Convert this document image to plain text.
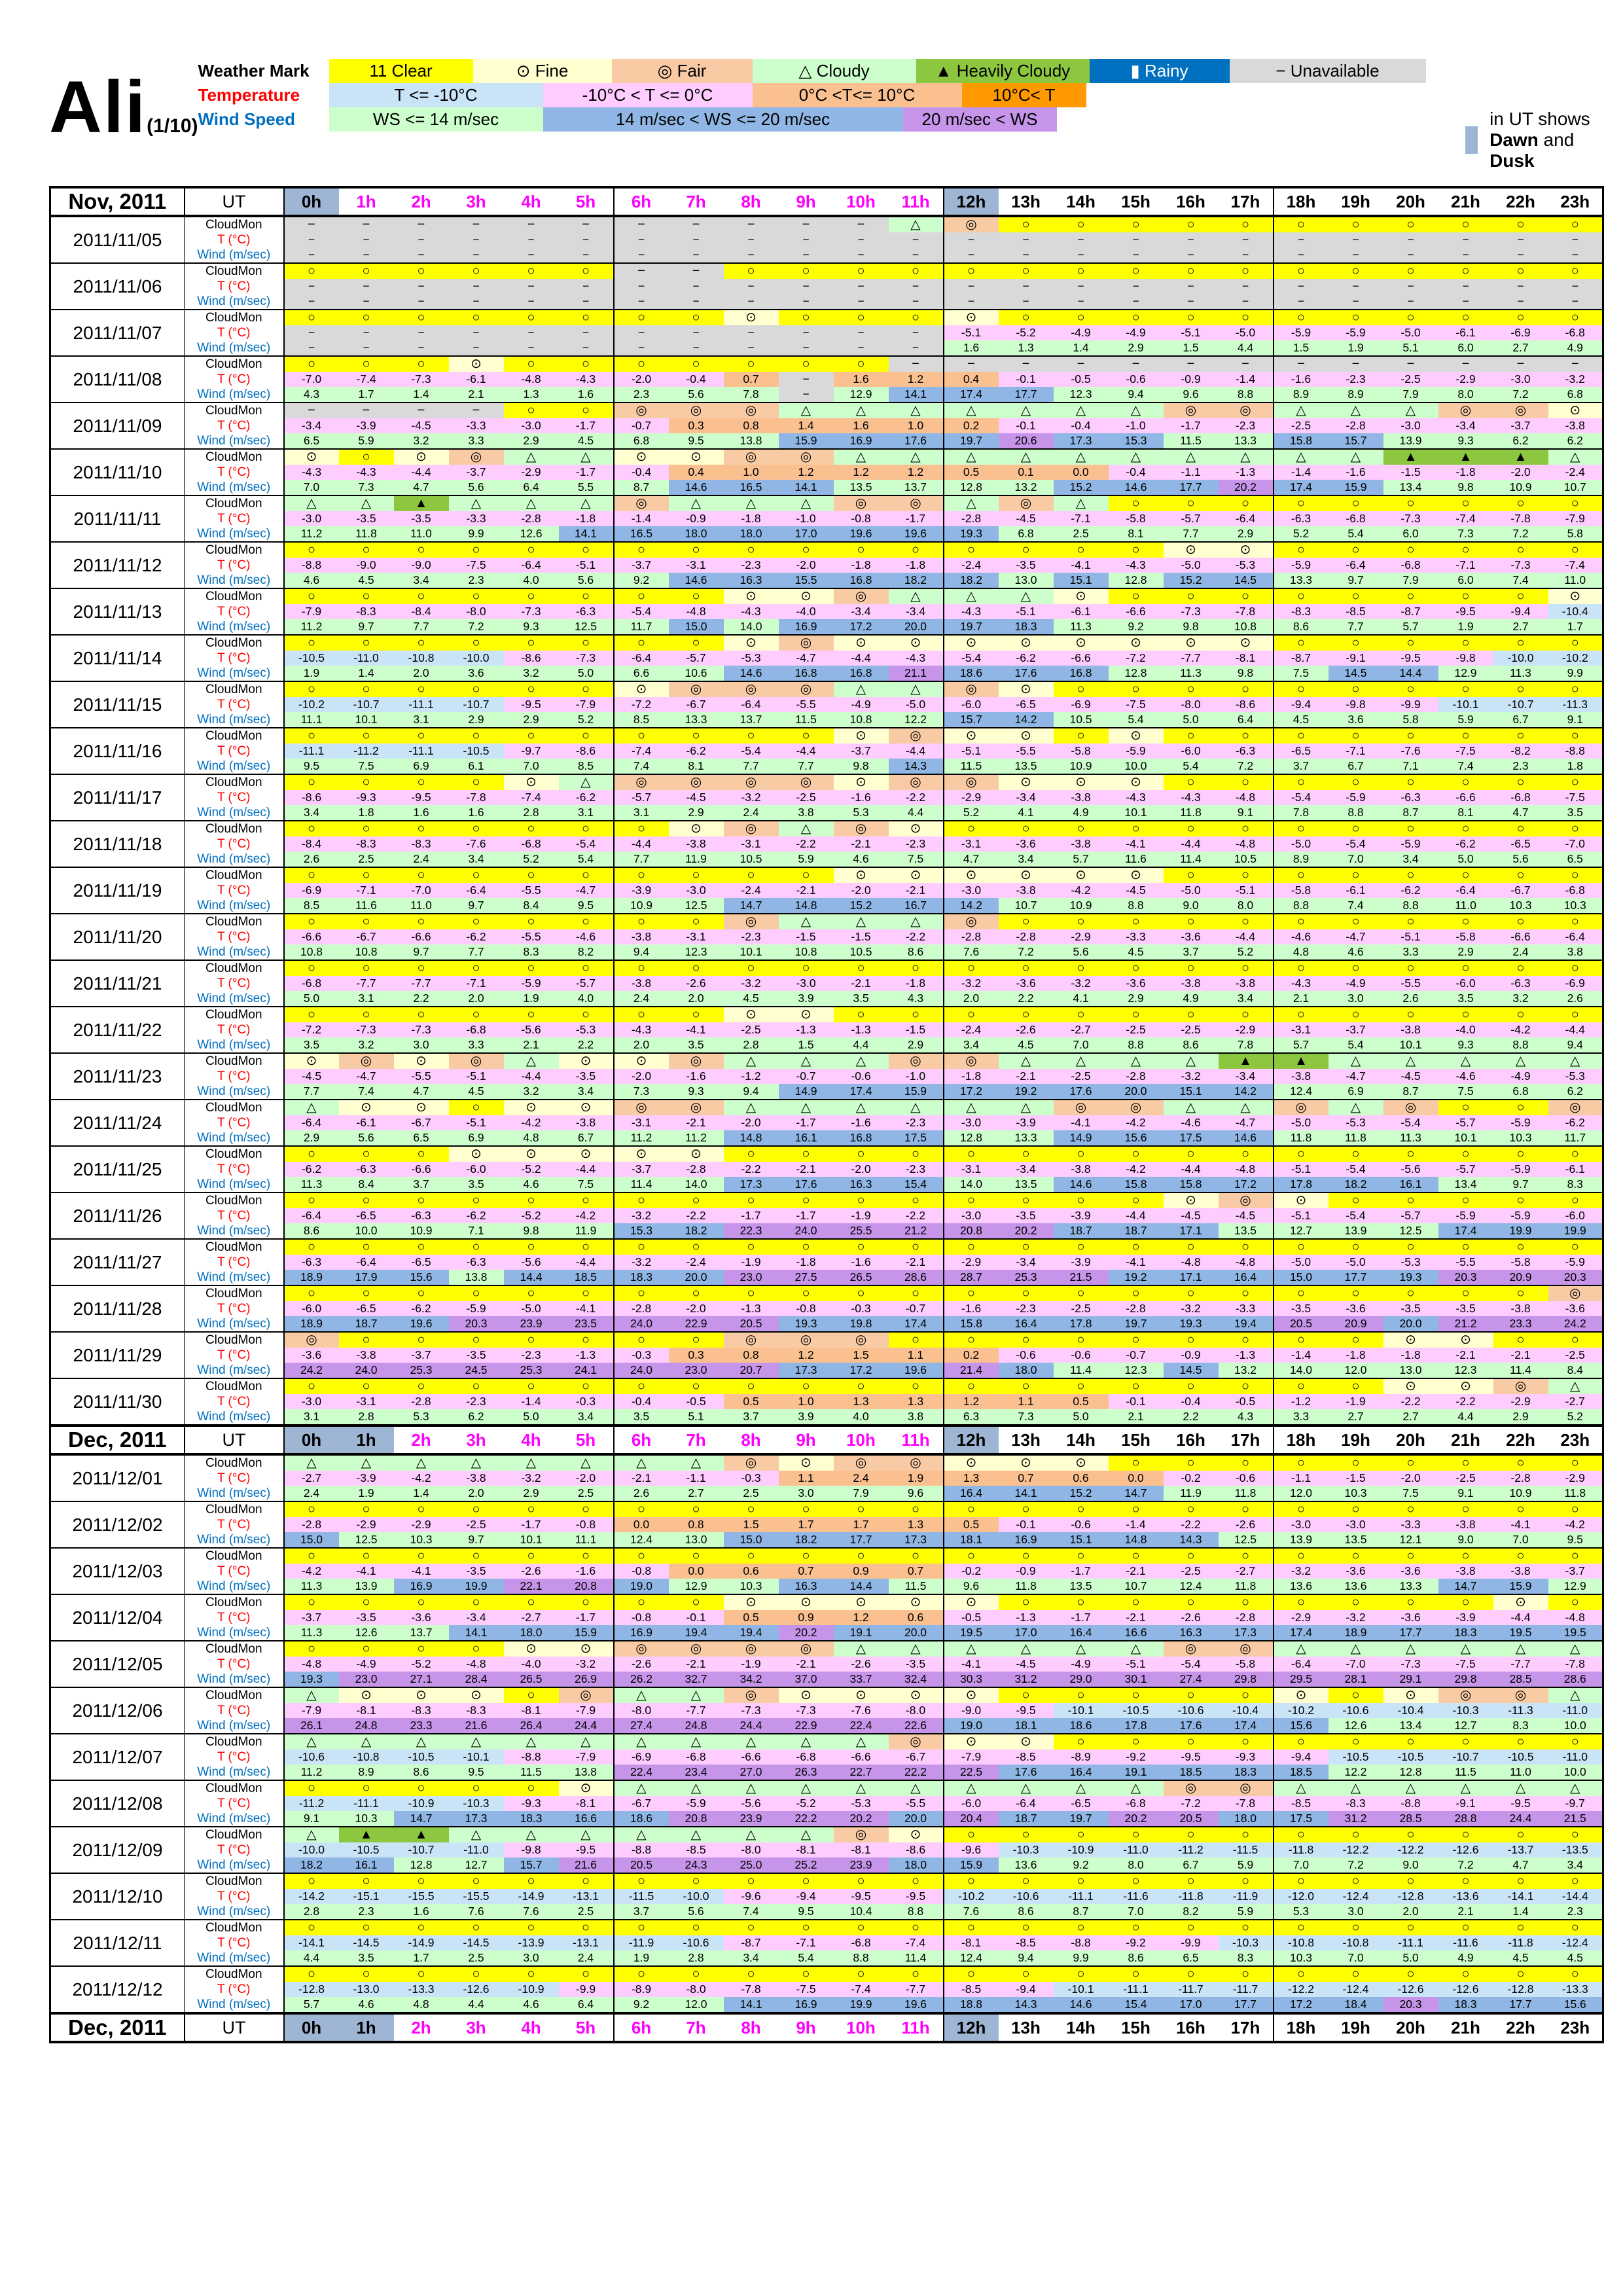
Ali(1/10)
Weather Mark	11 Clear	⊙ Fine	◎ Fair	△ Cloudy	▲ Heavily Cloudy	▮ Rainy	− Unavailable
Temperature	T <= -10°C	-10°C < T <= 0°C	0°C <T<= 10°C	10°C< T
Wind Speed	WS <= 14 m/sec	14 m/sec < WS <= 20 m/sec	20 m/sec < WS	in UT shows Dawn and Dusk
Nov, 2011	UT	0h	1h	2h	3h	4h	5h	6h	7h	8h	9h	10h	11h	12h	13h	14h	15h	16h	17h	18h	19h	20h	21h	22h	23h
2011/11/05	CloudMon	−	−	−	−	−	−	−	−	−	−	−	△	◎	○	○	○	○	○	○	○	○	○	○	○
	T (°C)	−	−	−	−	−	−	−	−	−	−	−	−	−	−	−	−	−	−	−	−	−	−	−	−
	Wind (m/sec)	−	−	−	−	−	−	−	−	−	−	−	−	−	−	−	−	−	−	−	−	−	−	−	−
2011/11/06	CloudMon	○	○	○	○	○	○	−	−	○	○	○	○	○	○	○	○	○	○	○	○	○	○	○	○
	T (°C)	−	−	−	−	−	−	−	−	−	−	−	−	−	−	−	−	−	−	−	−	−	−	−	−
	Wind (m/sec)	−	−	−	−	−	−	−	−	−	−	−	−	−	−	−	−	−	−	−	−	−	−	−	−
2011/11/07	CloudMon	○	○	○	○	○	○	○	○	⊙	○	○	○	⊙	○	○	○	○	○	○	○	○	○	○	○
	T (°C)	−	−	−	−	−	−	−	−	−	−	−	−	-5.1	-5.2	-4.9	-4.9	-5.1	-5.0	-5.9	-5.9	-5.0	-6.1	-6.9	-6.8
	Wind (m/sec)	−	−	−	−	−	−	−	−	−	−	−	−	1.6	1.3	1.4	2.9	1.5	4.4	1.5	1.9	5.1	6.0	2.7	4.9
2011/11/08	CloudMon	○	○	○	⊙	○	○	○	○	○	○	○	−	−	−	−	−	−	−	−	−	−	−	−	−
	T (°C)	-7.0	-7.4	-7.3	-6.1	-4.8	-4.3	-2.0	-0.4	0.7	−	1.6	1.2	0.4	-0.1	-0.5	-0.6	-0.9	-1.4	-1.6	-2.3	-2.5	-2.9	-3.0	-3.2
	Wind (m/sec)	4.3	1.7	1.4	2.1	1.3	1.6	2.3	5.6	7.8	−	12.9	14.1	17.4	17.7	12.3	9.4	9.6	8.8	8.9	8.9	7.9	8.0	7.2	6.8
2011/11/09	CloudMon	−	−	−	−	○	○	◎	◎	◎	△	△	△	△	△	△	△	◎	◎	△	△	△	◎	◎	⊙
	T (°C)	-3.4	-3.9	-4.5	-3.3	-3.0	-1.7	-0.7	0.3	0.8	1.4	1.6	1.0	0.2	-0.1	-0.4	-1.0	-1.7	-2.3	-2.5	-2.8	-3.0	-3.4	-3.7	-3.8
	Wind (m/sec)	6.5	5.9	3.2	3.3	2.9	4.5	6.8	9.5	13.8	15.9	16.9	17.6	19.7	20.6	17.3	15.3	11.5	13.3	15.8	15.7	13.9	9.3	6.2	6.2
2011/11/10	CloudMon	⊙	○	⊙	◎	△	△	⊙	⊙	◎	◎	△	△	△	△	△	△	△	△	△	△	▲	▲	▲	△
	T (°C)	-4.3	-4.3	-4.4	-3.7	-2.9	-1.7	-0.4	0.4	1.0	1.2	1.2	1.2	0.5	0.1	0.0	-0.4	-1.1	-1.3	-1.4	-1.6	-1.5	-1.8	-2.0	-2.4
	Wind (m/sec)	7.0	7.3	4.7	5.6	6.4	5.5	8.7	14.6	16.5	14.1	13.5	13.7	12.8	13.2	15.2	14.6	17.7	20.2	17.4	15.9	13.4	9.8	10.9	10.7
2011/11/11	CloudMon	△	△	▲	△	△	△	◎	△	△	△	◎	◎	△	◎	△	○	○	○	○	○	○	○	○	○
	T (°C)	-3.0	-3.5	-3.5	-3.3	-2.8	-1.8	-1.4	-0.9	-1.8	-1.0	-0.8	-1.7	-2.8	-4.5	-7.1	-5.8	-5.7	-6.4	-6.3	-6.8	-7.3	-7.4	-7.8	-7.9
	Wind (m/sec)	11.2	11.8	11.0	9.9	12.6	14.1	16.5	18.0	18.0	17.0	19.6	19.6	19.3	6.8	2.5	8.1	7.7	2.9	5.2	5.4	6.0	7.3	7.2	5.8
2011/11/12	CloudMon	○	○	○	○	○	○	○	○	○	○	○	○	○	○	○	○	⊙	⊙	○	○	○	○	○	○
	T (°C)	-8.8	-9.0	-9.0	-7.5	-6.4	-5.1	-3.7	-3.1	-2.3	-2.0	-1.8	-1.8	-2.4	-3.5	-4.1	-4.3	-5.0	-5.3	-5.9	-6.4	-6.8	-7.1	-7.3	-7.4
	Wind (m/sec)	4.6	4.5	3.4	2.3	4.0	5.6	9.2	14.6	16.3	15.5	16.8	18.2	18.2	13.0	15.1	12.8	15.2	14.5	13.3	9.7	7.9	6.0	7.4	11.0
2011/11/13	CloudMon	○	○	○	○	○	○	○	○	⊙	⊙	◎	△	△	△	⊙	○	○	○	○	○	○	○	○	⊙
	T (°C)	-7.9	-8.3	-8.4	-8.0	-7.3	-6.3	-5.4	-4.8	-4.3	-4.0	-3.4	-3.4	-4.3	-5.1	-6.1	-6.6	-7.3	-7.8	-8.3	-8.5	-8.7	-9.5	-9.4	-10.4
	Wind (m/sec)	11.2	9.7	7.7	7.2	9.3	12.5	11.7	15.0	14.0	16.9	17.2	20.0	19.7	18.3	11.3	9.2	9.8	10.8	8.6	7.7	5.7	1.9	2.7	1.7
2011/11/14	CloudMon	○	○	○	○	○	○	○	○	⊙	◎	⊙	⊙	⊙	⊙	⊙	⊙	⊙	⊙	○	○	○	○	○	○
	T (°C)	-10.5	-11.0	-10.8	-10.0	-8.6	-7.3	-6.4	-5.7	-5.3	-4.7	-4.4	-4.3	-5.4	-6.2	-6.6	-7.2	-7.7	-8.1	-8.7	-9.1	-9.5	-9.8	-10.0	-10.2
	Wind (m/sec)	1.9	1.4	2.0	3.6	3.2	5.0	6.6	10.6	14.6	16.8	16.8	21.1	18.6	17.6	16.8	12.8	11.3	9.8	7.5	14.5	14.4	12.9	11.3	9.9
2011/11/15	CloudMon	○	○	○	○	○	○	⊙	◎	◎	◎	△	△	◎	⊙	○	○	○	○	○	○	○	○	○	○
	T (°C)	-10.2	-10.7	-11.1	-10.7	-9.5	-7.9	-7.2	-6.7	-6.4	-5.5	-4.9	-5.0	-6.0	-6.5	-6.9	-7.5	-8.0	-8.6	-9.4	-9.8	-9.9	-10.1	-10.7	-11.3
	Wind (m/sec)	11.1	10.1	3.1	2.9	2.9	5.2	8.5	13.3	13.7	11.5	10.8	12.2	15.7	14.2	10.5	5.4	5.0	6.4	4.5	3.6	5.8	5.9	6.7	9.1
2011/11/16	CloudMon	○	○	○	○	○	○	○	○	○	○	⊙	◎	⊙	⊙	○	⊙	○	○	○	○	○	○	○	○
	T (°C)	-11.1	-11.2	-11.1	-10.5	-9.7	-8.6	-7.4	-6.2	-5.4	-4.4	-3.7	-4.4	-5.1	-5.5	-5.8	-5.9	-6.0	-6.3	-6.5	-7.1	-7.6	-7.5	-8.2	-8.8
	Wind (m/sec)	9.5	7.5	6.9	6.1	7.0	8.5	7.4	8.1	7.7	7.7	9.8	14.3	11.5	13.5	10.9	10.0	5.4	7.2	3.7	6.7	7.1	7.4	2.3	1.8
2011/11/17	CloudMon	○	○	○	○	⊙	△	◎	◎	◎	◎	⊙	◎	◎	⊙	⊙	⊙	○	○	○	○	○	○	○	○
	T (°C)	-8.6	-9.3	-9.5	-7.8	-7.4	-6.2	-5.7	-4.5	-3.2	-2.5	-1.6	-2.2	-2.9	-3.4	-3.8	-4.3	-4.3	-4.8	-5.4	-5.9	-6.3	-6.6	-6.8	-7.5
	Wind (m/sec)	3.4	1.8	1.6	1.6	2.8	3.1	3.1	2.9	2.4	3.8	5.3	4.4	5.2	4.1	4.9	10.1	11.8	9.1	7.8	8.8	8.7	8.1	4.7	3.5
2011/11/18	CloudMon	○	○	○	○	○	○	○	⊙	◎	△	◎	⊙	○	○	○	○	○	○	○	○	○	○	○	○
	T (°C)	-8.4	-8.3	-8.3	-7.6	-6.8	-5.4	-4.4	-3.8	-3.1	-2.2	-2.1	-2.3	-3.1	-3.6	-3.8	-4.1	-4.4	-4.8	-5.0	-5.4	-5.9	-6.2	-6.5	-7.0
	Wind (m/sec)	2.6	2.5	2.4	3.4	5.2	5.4	7.7	11.9	10.5	5.9	4.6	7.5	4.7	3.4	5.7	11.6	11.4	10.5	8.9	7.0	3.4	5.0	5.6	6.5
2011/11/19	CloudMon	○	○	○	○	○	○	○	○	○	○	⊙	⊙	⊙	⊙	⊙	⊙	○	○	○	○	○	○	○	○
	T (°C)	-6.9	-7.1	-7.0	-6.4	-5.5	-4.7	-3.9	-3.0	-2.4	-2.1	-2.0	-2.1	-3.0	-3.8	-4.2	-4.5	-5.0	-5.1	-5.8	-6.1	-6.2	-6.4	-6.7	-6.8
	Wind (m/sec)	8.5	11.6	11.0	9.7	8.4	9.5	10.9	12.5	14.7	14.8	15.2	16.7	14.2	10.7	10.9	8.8	9.0	8.0	8.8	7.4	8.8	11.0	10.3	10.3
2011/11/20	CloudMon	○	○	○	○	○	○	○	○	◎	△	△	△	◎	○	○	○	○	○	○	○	○	○	○	○
	T (°C)	-6.6	-6.7	-6.6	-6.2	-5.5	-4.6	-3.8	-3.1	-2.3	-1.5	-1.5	-2.2	-2.8	-2.8	-2.9	-3.3	-3.6	-4.4	-4.6	-4.7	-5.1	-5.8	-6.6	-6.4
	Wind (m/sec)	10.8	10.8	9.7	7.7	8.3	8.2	9.4	12.3	10.1	10.8	10.5	8.6	7.6	7.2	5.6	4.5	3.7	5.2	4.8	4.6	3.3	2.9	2.4	3.8
2011/11/21	CloudMon	○	○	○	○	○	○	○	○	○	○	○	○	○	○	○	○	○	○	○	○	○	○	○	○
	T (°C)	-6.8	-7.7	-7.7	-7.1	-5.9	-5.7	-3.8	-2.6	-3.2	-3.0	-2.1	-1.8	-3.2	-3.6	-3.2	-3.6	-3.8	-3.8	-4.3	-4.9	-5.5	-6.0	-6.3	-6.9
	Wind (m/sec)	5.0	3.1	2.2	2.0	1.9	4.0	2.4	2.0	4.5	3.9	3.5	4.3	2.0	2.2	4.1	2.9	4.9	3.4	2.1	3.0	2.6	3.5	3.2	2.6
2011/11/22	CloudMon	○	○	○	○	○	○	○	○	⊙	⊙	○	○	○	○	○	○	○	○	○	○	○	○	○	○
	T (°C)	-7.2	-7.3	-7.3	-6.8	-5.6	-5.3	-4.3	-4.1	-2.5	-1.3	-1.3	-1.5	-2.4	-2.6	-2.7	-2.5	-2.5	-2.9	-3.1	-3.7	-3.8	-4.0	-4.2	-4.4
	Wind (m/sec)	3.5	3.2	3.0	3.3	2.1	2.2	2.0	3.5	2.8	1.5	4.4	2.9	3.4	4.5	7.0	8.8	8.6	7.8	5.7	5.4	10.1	9.3	8.8	9.4
2011/11/23	CloudMon	⊙	◎	⊙	◎	△	⊙	⊙	◎	△	△	△	◎	◎	△	△	△	△	▲	▲	△	△	△	△	△
	T (°C)	-4.5	-4.7	-5.5	-5.1	-4.4	-3.5	-2.0	-1.6	-1.2	-0.7	-0.6	-1.0	-1.8	-2.1	-2.5	-2.8	-3.2	-3.4	-3.8	-4.7	-4.5	-4.6	-4.9	-5.3
	Wind (m/sec)	7.7	7.4	4.7	4.5	3.2	3.4	7.3	9.3	9.4	14.9	17.4	15.9	17.2	19.2	17.6	20.0	15.1	14.2	12.4	6.9	8.7	7.5	6.8	6.2
2011/11/24	CloudMon	△	⊙	⊙	○	⊙	⊙	◎	◎	△	△	△	△	△	△	◎	◎	△	△	◎	△	◎	○	○	◎
	T (°C)	-6.4	-6.1	-6.7	-5.1	-4.2	-3.8	-3.1	-2.1	-2.0	-1.7	-1.6	-2.3	-3.0	-3.9	-4.1	-4.2	-4.6	-4.7	-5.0	-5.3	-5.4	-5.7	-5.9	-6.2
	Wind (m/sec)	2.9	5.6	6.5	6.9	4.8	6.7	11.2	11.2	14.8	16.1	16.8	17.5	12.8	13.3	14.9	15.6	17.5	14.6	11.8	11.8	11.3	10.1	10.3	11.7
2011/11/25	CloudMon	○	○	○	⊙	⊙	⊙	⊙	⊙	○	○	○	○	○	○	○	○	○	○	○	○	○	○	○	○
	T (°C)	-6.2	-6.3	-6.6	-6.0	-5.2	-4.4	-3.7	-2.8	-2.2	-2.1	-2.0	-2.3	-3.1	-3.4	-3.8	-4.2	-4.4	-4.8	-5.1	-5.4	-5.6	-5.7	-5.9	-6.1
	Wind (m/sec)	11.3	8.4	3.7	3.5	4.6	7.5	11.4	14.0	17.3	17.6	16.3	15.4	14.0	13.5	14.6	15.8	15.8	17.2	17.8	18.2	16.1	13.4	9.7	8.3
2011/11/26	CloudMon	○	○	○	○	○	○	○	○	○	○	○	○	○	○	○	○	⊙	◎	⊙	○	○	○	○	○
	T (°C)	-6.4	-6.5	-6.3	-6.2	-5.2	-4.2	-3.2	-2.2	-1.7	-1.7	-1.9	-2.2	-3.0	-3.5	-3.9	-4.4	-4.5	-4.5	-5.1	-5.4	-5.7	-5.9	-5.9	-6.0
	Wind (m/sec)	8.6	10.0	10.9	7.1	9.8	11.9	15.3	18.2	22.3	24.0	25.5	21.2	20.8	20.2	18.7	18.7	17.1	13.5	12.7	13.9	12.5	17.4	19.9	19.9
2011/11/27	CloudMon	○	○	○	○	○	○	○	○	○	○	○	○	○	○	○	○	○	○	○	○	○	○	○	○
	T (°C)	-6.3	-6.4	-6.5	-6.3	-5.6	-4.4	-3.2	-2.4	-1.9	-1.8	-1.6	-2.1	-2.9	-3.4	-3.9	-4.1	-4.8	-4.8	-5.0	-5.0	-5.3	-5.5	-5.8	-5.9
	Wind (m/sec)	18.9	17.9	15.6	13.8	14.4	18.5	18.3	20.0	23.0	27.5	26.5	28.6	28.7	25.3	21.5	19.2	17.1	16.4	15.0	17.7	19.3	20.3	20.9	20.3
2011/11/28	CloudMon	○	○	○	○	○	○	○	○	○	○	○	○	○	○	○	○	○	○	○	○	○	○	○	◎
	T (°C)	-6.0	-6.5	-6.2	-5.9	-5.0	-4.1	-2.8	-2.0	-1.3	-0.8	-0.3	-0.7	-1.6	-2.3	-2.5	-2.8	-3.2	-3.3	-3.5	-3.6	-3.5	-3.5	-3.8	-3.6
	Wind (m/sec)	18.9	18.7	19.6	20.3	23.9	23.5	24.0	22.9	20.5	19.3	19.8	17.4	15.8	16.4	17.8	19.7	19.3	19.4	20.5	20.9	20.0	21.2	23.3	24.2
2011/11/29	CloudMon	◎	○	○	○	○	○	○	○	◎	◎	◎	○	○	○	○	○	○	○	○	○	⊙	⊙	○	○
	T (°C)	-3.6	-3.8	-3.7	-3.5	-2.3	-1.3	-0.3	0.3	0.8	1.2	1.5	1.1	0.2	-0.6	-0.6	-0.7	-0.9	-1.3	-1.4	-1.8	-1.8	-2.1	-2.1	-2.5
	Wind (m/sec)	24.2	24.0	25.3	24.5	25.3	24.1	24.0	23.0	20.7	17.3	17.2	19.6	21.4	18.0	11.4	12.3	14.5	13.2	14.0	12.0	13.0	12.3	11.4	8.4
2011/11/30	CloudMon	○	○	○	○	○	○	○	○	○	○	○	○	○	○	○	○	○	○	○	○	⊙	⊙	◎	△
	T (°C)	-3.0	-3.1	-2.8	-2.3	-1.4	-0.3	-0.4	-0.5	0.5	1.0	1.3	1.3	1.2	1.1	0.5	-0.1	-0.4	-0.5	-1.2	-1.9	-2.2	-2.2	-2.9	-2.7
	Wind (m/sec)	3.1	2.8	5.3	6.2	5.0	3.4	3.5	5.1	3.7	3.9	4.0	3.8	6.3	7.3	5.0	2.1	2.2	4.3	3.3	2.7	2.7	4.4	2.9	5.2
Dec, 2011	UT	0h	1h	2h	3h	4h	5h	6h	7h	8h	9h	10h	11h	12h	13h	14h	15h	16h	17h	18h	19h	20h	21h	22h	23h
2011/12/01	CloudMon	△	△	△	△	△	△	△	△	◎	⊙	◎	◎	⊙	⊙	⊙	○	○	○	○	○	○	○	○	○
	T (°C)	-2.7	-3.9	-4.2	-3.8	-3.2	-2.0	-2.1	-1.1	-0.3	1.1	2.4	1.9	1.3	0.7	0.6	0.0	-0.2	-0.6	-1.1	-1.5	-2.0	-2.5	-2.8	-2.9
	Wind (m/sec)	2.4	1.9	1.4	2.0	2.9	2.5	2.6	2.7	2.5	3.0	7.9	9.6	16.4	14.1	15.2	14.7	11.9	11.8	12.0	10.3	7.5	9.1	10.9	11.8
2011/12/02	CloudMon	○	○	○	○	○	○	○	○	○	○	○	○	○	○	○	○	○	○	○	○	○	○	○	○
	T (°C)	-2.8	-2.9	-2.9	-2.5	-1.7	-0.8	0.0	0.8	1.5	1.7	1.7	1.3	0.5	-0.1	-0.6	-1.4	-2.2	-2.6	-3.0	-3.0	-3.3	-3.8	-4.1	-4.2
	Wind (m/sec)	15.0	12.5	10.3	9.7	10.1	11.1	12.4	13.0	15.0	18.2	17.7	17.3	18.1	16.9	15.1	14.8	14.3	12.5	13.9	13.5	12.1	9.0	7.0	9.5
2011/12/03	CloudMon	○	○	○	○	○	○	○	○	○	○	○	○	○	○	○	○	○	○	○	○	○	○	○	○
	T (°C)	-4.2	-4.1	-4.1	-3.5	-2.6	-1.6	-0.8	0.0	0.6	0.7	0.9	0.7	-0.2	-0.9	-1.7	-2.1	-2.5	-2.7	-3.2	-3.6	-3.6	-3.8	-3.8	-3.7
	Wind (m/sec)	11.3	13.9	16.9	19.9	22.1	20.8	19.0	12.9	10.3	16.3	14.4	11.5	9.6	11.8	13.5	10.7	12.4	11.8	13.6	13.6	13.3	14.7	15.9	12.9
2011/12/04	CloudMon	○	○	○	○	○	○	○	○	⊙	⊙	⊙	⊙	⊙	○	○	○	○	○	○	○	○	○	⊙	○
	T (°C)	-3.7	-3.5	-3.6	-3.4	-2.7	-1.7	-0.8	-0.1	0.5	0.9	1.2	0.6	-0.5	-1.3	-1.7	-2.1	-2.6	-2.8	-2.9	-3.2	-3.6	-3.9	-4.4	-4.8
	Wind (m/sec)	11.3	12.6	13.7	14.1	18.0	15.9	16.9	19.4	19.4	20.2	19.1	20.0	19.5	17.0	16.4	16.6	16.3	17.3	17.4	18.9	17.7	18.3	19.5	19.5
2011/12/05	CloudMon	○	○	○	○	⊙	⊙	◎	◎	◎	◎	△	△	△	△	△	△	◎	◎	△	△	△	△	△	△
	T (°C)	-4.8	-4.9	-5.2	-4.8	-4.0	-3.2	-2.6	-2.1	-1.9	-2.1	-2.6	-3.5	-4.1	-4.5	-4.9	-5.1	-5.4	-5.8	-6.4	-7.0	-7.3	-7.5	-7.7	-7.8
	Wind (m/sec)	19.3	23.0	27.1	28.4	26.5	26.9	26.2	32.7	34.2	37.0	33.7	32.4	30.3	31.2	29.0	30.1	27.4	29.8	29.5	28.1	29.1	29.8	28.5	28.6
2011/12/06	CloudMon	△	⊙	⊙	⊙	○	◎	△	△	◎	⊙	⊙	⊙	⊙	○	○	○	○	○	⊙	○	⊙	◎	◎	△
	T (°C)	-7.9	-8.1	-8.3	-8.3	-8.1	-7.9	-8.0	-7.7	-7.3	-7.3	-7.6	-8.0	-9.0	-9.5	-10.1	-10.5	-10.6	-10.4	-10.2	-10.6	-10.4	-10.3	-11.3	-11.0
	Wind (m/sec)	26.1	24.8	23.3	21.6	26.4	24.4	27.4	24.8	24.4	22.9	22.4	22.6	19.0	18.1	18.6	17.8	17.6	17.4	15.6	12.6	13.4	12.7	8.3	10.0
2011/12/07	CloudMon	△	△	△	△	△	△	△	△	△	△	△	◎	⊙	⊙	○	○	○	○	○	○	○	○	○	○
	T (°C)	-10.6	-10.8	-10.5	-10.1	-8.8	-7.9	-6.9	-6.8	-6.6	-6.8	-6.6	-6.7	-7.9	-8.5	-8.9	-9.2	-9.5	-9.3	-9.4	-10.5	-10.5	-10.7	-10.5	-11.0
	Wind (m/sec)	11.2	8.9	8.6	9.5	11.5	13.8	22.4	23.4	27.0	26.3	22.7	22.2	22.5	17.6	16.4	19.1	18.5	18.3	18.5	12.2	12.8	11.5	11.0	10.0
2011/12/08	CloudMon	○	○	○	○	○	⊙	△	△	△	△	△	△	△	△	△	△	◎	◎	△	△	△	△	△	△
	T (°C)	-11.2	-11.1	-10.9	-10.3	-9.3	-8.1	-6.7	-5.9	-5.6	-5.2	-5.3	-5.5	-6.0	-6.4	-6.5	-6.8	-7.2	-7.8	-8.5	-8.3	-8.8	-9.1	-9.5	-9.7
	Wind (m/sec)	9.1	10.3	14.7	17.3	18.3	16.6	18.6	20.8	23.9	22.2	20.2	20.0	20.4	18.7	19.7	20.2	20.5	18.0	17.5	31.2	28.5	28.8	24.4	21.5
2011/12/09	CloudMon	△	▲	▲	△	△	△	△	△	△	△	◎	⊙	○	○	○	○	○	○	○	○	○	○	○	○
	T (°C)	-10.0	-10.5	-10.7	-11.0	-9.8	-9.5	-8.8	-8.5	-8.0	-8.1	-8.1	-8.6	-9.6	-10.3	-10.9	-11.0	-11.2	-11.5	-11.8	-12.2	-12.2	-12.6	-13.7	-13.5
	Wind (m/sec)	18.2	16.1	12.8	12.7	15.7	21.6	20.5	24.3	25.0	25.2	23.9	18.0	15.9	13.6	9.2	8.0	6.7	5.9	7.0	7.2	9.0	7.2	4.7	3.4
2011/12/10	CloudMon	○	○	○	○	○	○	○	○	○	○	○	○	○	○	○	○	○	○	○	○	○	○	○	○
	T (°C)	-14.2	-15.1	-15.5	-15.5	-14.9	-13.1	-11.5	-10.0	-9.6	-9.4	-9.5	-9.5	-10.2	-10.6	-11.1	-11.6	-11.8	-11.9	-12.0	-12.4	-12.8	-13.6	-14.1	-14.4
	Wind (m/sec)	2.8	2.3	1.6	7.6	7.6	2.5	3.7	5.6	7.4	9.5	10.4	8.8	7.6	8.6	8.7	7.0	8.2	5.9	5.3	3.0	2.0	2.1	1.4	2.3
2011/12/11	CloudMon	○	○	○	○	○	○	○	○	○	○	○	○	○	○	○	○	○	○	○	○	○	○	○	○
	T (°C)	-14.1	-14.5	-14.9	-14.5	-13.9	-13.1	-11.9	-10.6	-8.7	-7.1	-6.8	-7.4	-8.1	-8.5	-8.8	-9.2	-9.9	-10.3	-10.8	-10.8	-11.1	-11.6	-11.8	-12.4
	Wind (m/sec)	4.4	3.5	1.7	2.5	3.0	2.4	1.9	2.8	3.4	5.4	8.8	11.4	12.4	9.4	9.9	8.6	6.5	8.3	10.3	7.0	5.0	4.9	4.5	4.5
2011/12/12	CloudMon	○	○	○	○	○	○	○	○	○	○	○	○	○	○	○	○	○	○	○	○	○	○	○	○
	T (°C)	-12.8	-13.0	-13.3	-12.6	-10.9	-9.9	-8.9	-8.0	-7.8	-7.5	-7.4	-7.7	-8.5	-9.4	-10.1	-11.1	-11.7	-11.7	-12.2	-12.4	-12.6	-12.6	-12.8	-13.3
	Wind (m/sec)	5.7	4.6	4.8	4.4	4.6	6.4	9.2	12.0	14.1	16.9	19.9	19.6	18.8	14.3	14.6	15.4	17.0	17.7	17.2	18.4	20.3	18.3	17.7	15.6
Dec, 2011	UT	0h	1h	2h	3h	4h	5h	6h	7h	8h	9h	10h	11h	12h	13h	14h	15h	16h	17h	18h	19h	20h	21h	22h	23h
